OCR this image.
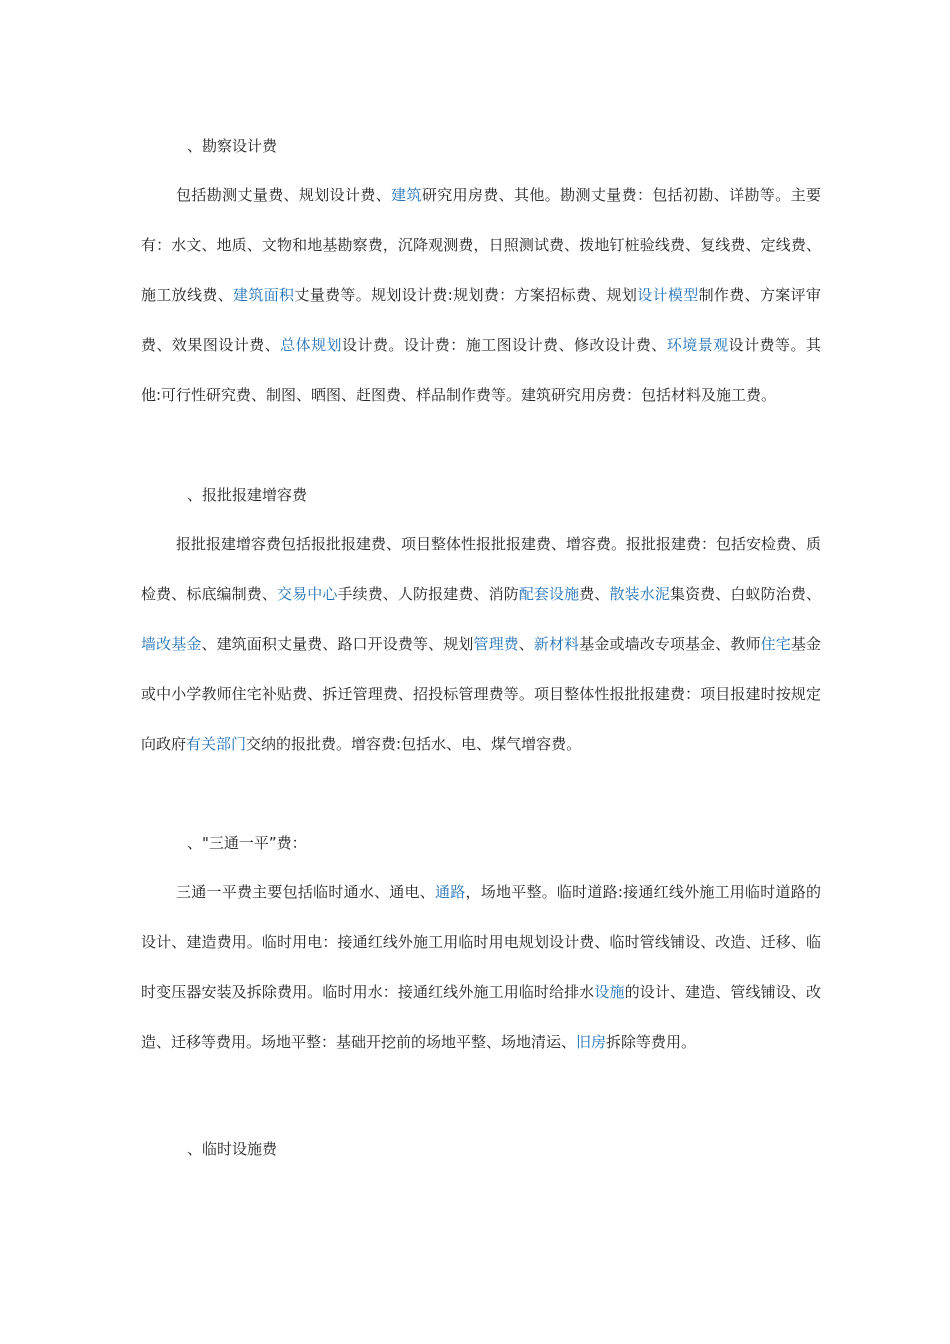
、勘察设计费

包括勘测丈量费、规划设计费、建筑研究用房费、其他。勘测丈量费：包括初勘、详勘等。主要有：水文、地质、文物和地基勘察费，沉降观测费，日照测试费、拨地钉桩验线费、复线费、定线费、施工放线费、建筑面积丈量费等。规划设计费:规划费：方案招标费、规划设计模型制作费、方案评审费、效果图设计费、总体规划设计费。设计费：施工图设计费、修改设计费、环境景观设计费等。其他:可行性研究费、制图、晒图、赶图费、样品制作费等。建筑研究用房费：包括材料及施工费。

、报批报建增容费

报批报建增容费包括报批报建费、项目整体性报批报建费、增容费。报批报建费：包括安检费、质检费、标底编制费、交易中心手续费、人防报建费、消防配套设施费、散装水泥集资费、白蚁防治费、墙改基金、建筑面积丈量费、路口开设费等、规划管理费、新材料基金或墙改专项基金、教师住宅基金或中小学教师住宅补贴费、拆迁管理费、招投标管理费等。项目整体性报批报建费：项目报建时按规定向政府有关部门交纳的报批费。增容费:包括水、电、煤气增容费。

、"三通一平”费：

三通一平费主要包括临时通水、通电、通路，场地平整。临时道路:接通红线外施工用临时道路的设计、建造费用。临时用电：接通红线外施工用临时用电规划设计费、临时管线铺设、改造、迁移、临时变压器安装及拆除费用。临时用水：接通红线外施工用临时给排水设施的设计、建造、管线铺设、改造、迁移等费用。场地平整：基础开挖前的场地平整、场地清运、旧房拆除等费用。

、临时设施费
